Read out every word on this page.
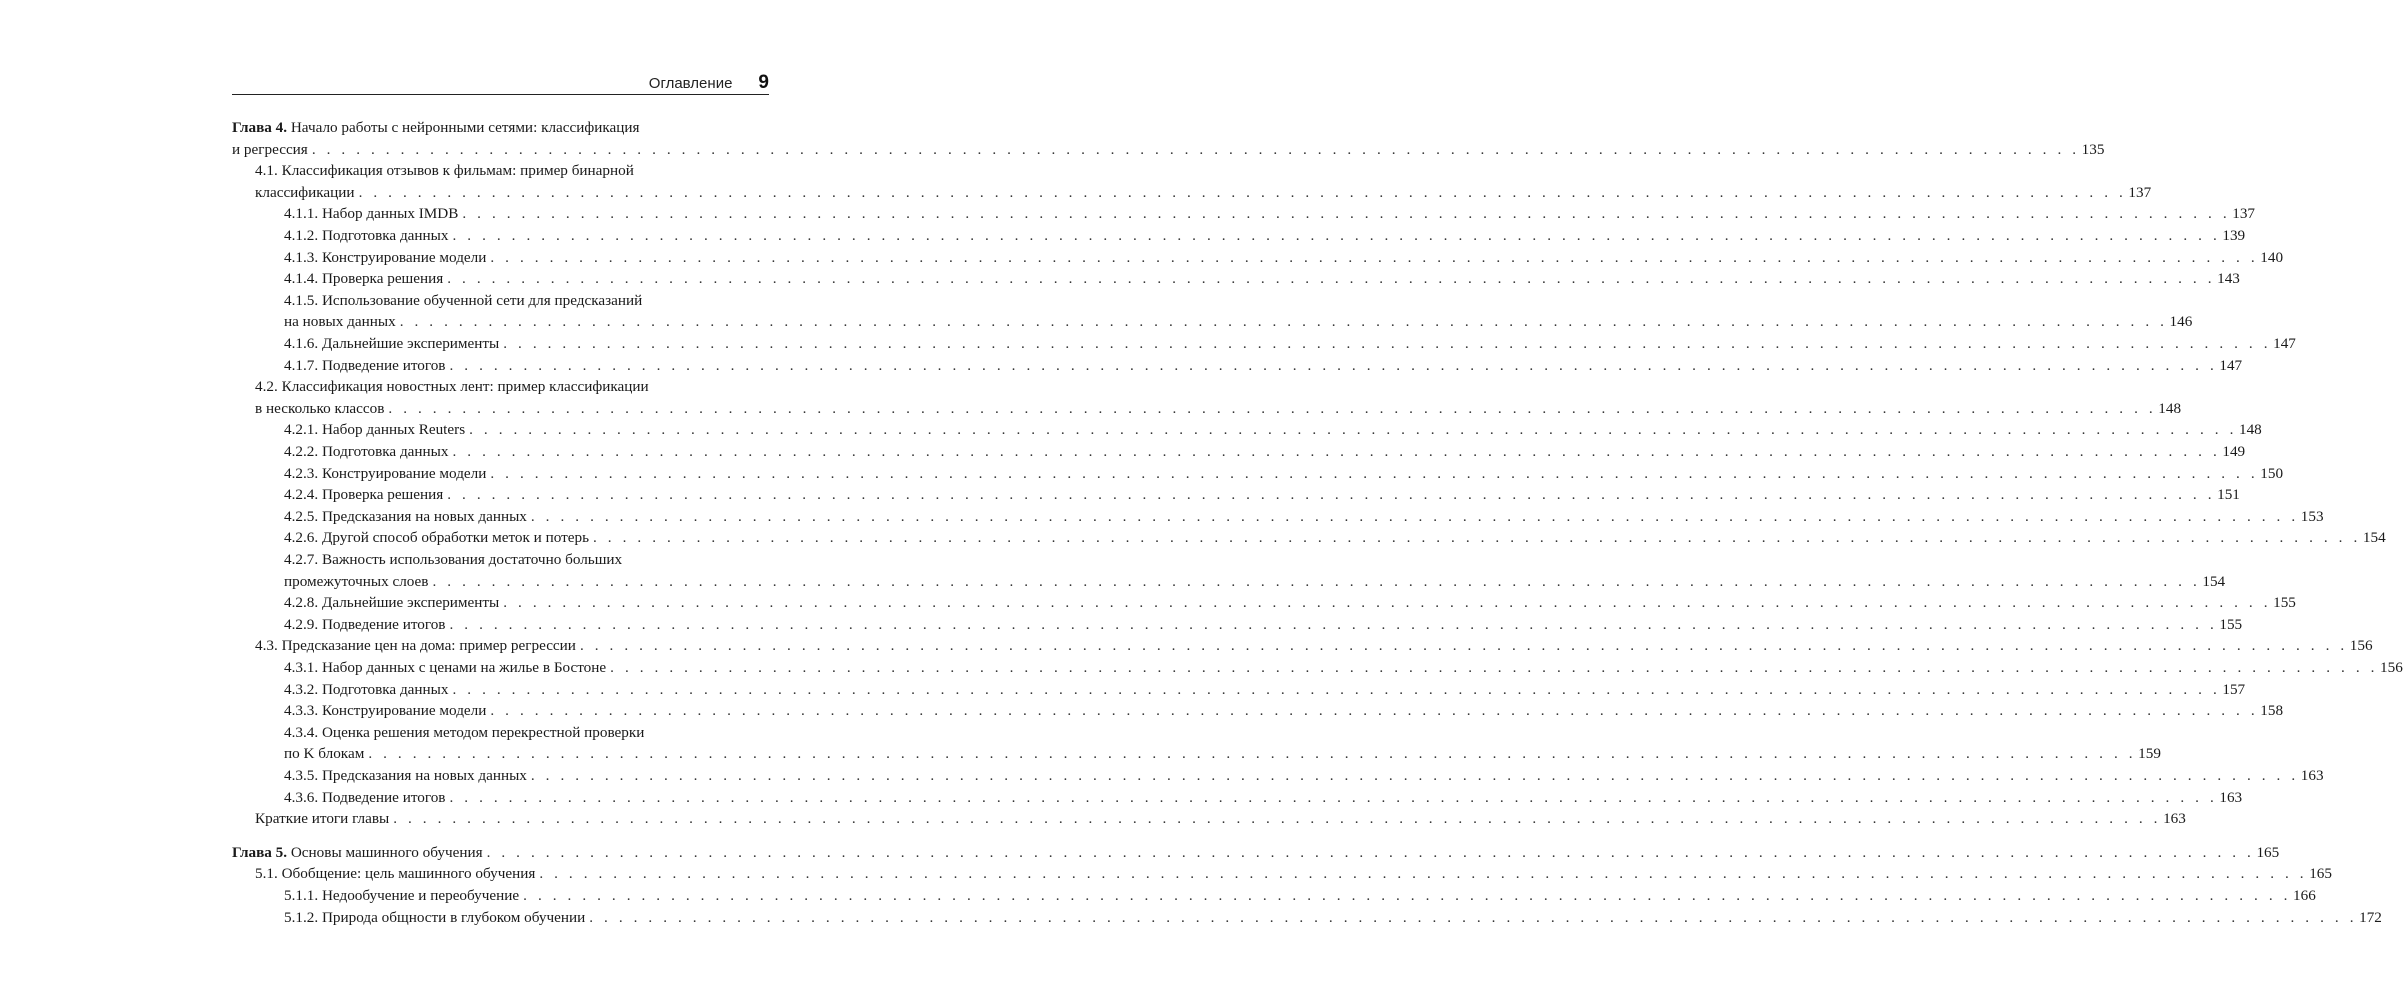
Оглавление 9
Глава 4. Начало работы с нейронными сетями: классификация
и регрессия . . . . . . . . . . . . . . . . . . . . . . . . . . . . . . . . . . . . . . . . . . . . . . . . . . . . . . . . . . . . . . . . . . . . . . . . . . . . . . . . . . . . . . . . . . . . . . . . . . . . . . . . . . . . . . . . . . . . . . . . 135
4.1. Классификация отзывов к фильмам: пример бинарной
классификации . . . . . . . . . . . . . . . . . . . . . . . . . . . . . . . . . . . . . . . . . . . . . . . . . . . . . . . . . . . . . . . . . . . . . . . . . . . . . . . . . . . . . . . . . . . . . . . . . . . . . . . . . . . . . . . . . . . . . . . . 137
4.1.1. Набор данных IMDB . . . . . . . . . . . . . . . . . . . . . . . . . . . . . . . . . . . . . . . . . . . . . . . . . . . . . . . . . . . . . . . . . . . . . . . . . . . . . . . . . . . . . . . . . . . . . . . . . . . . . . . . . . . . . . . . . . . . . . . . 137
4.1.2. Подготовка данных . . . . . . . . . . . . . . . . . . . . . . . . . . . . . . . . . . . . . . . . . . . . . . . . . . . . . . . . . . . . . . . . . . . . . . . . . . . . . . . . . . . . . . . . . . . . . . . . . . . . . . . . . . . . . . . . . . . . . . . . 139
4.1.3. Конструирование модели . . . . . . . . . . . . . . . . . . . . . . . . . . . . . . . . . . . . . . . . . . . . . . . . . . . . . . . . . . . . . . . . . . . . . . . . . . . . . . . . . . . . . . . . . . . . . . . . . . . . . . . . . . . . . . . . . . . . . . . . 140
4.1.4. Проверка решения . . . . . . . . . . . . . . . . . . . . . . . . . . . . . . . . . . . . . . . . . . . . . . . . . . . . . . . . . . . . . . . . . . . . . . . . . . . . . . . . . . . . . . . . . . . . . . . . . . . . . . . . . . . . . . . . . . . . . . . . 143
4.1.5. Использование обученной сети для предсказаний
на новых данных . . . . . . . . . . . . . . . . . . . . . . . . . . . . . . . . . . . . . . . . . . . . . . . . . . . . . . . . . . . . . . . . . . . . . . . . . . . . . . . . . . . . . . . . . . . . . . . . . . . . . . . . . . . . . . . . . . . . . . . . 146
4.1.6. Дальнейшие эксперименты . . . . . . . . . . . . . . . . . . . . . . . . . . . . . . . . . . . . . . . . . . . . . . . . . . . . . . . . . . . . . . . . . . . . . . . . . . . . . . . . . . . . . . . . . . . . . . . . . . . . . . . . . . . . . . . . . . . . . . . . 147
4.1.7. Подведение итогов . . . . . . . . . . . . . . . . . . . . . . . . . . . . . . . . . . . . . . . . . . . . . . . . . . . . . . . . . . . . . . . . . . . . . . . . . . . . . . . . . . . . . . . . . . . . . . . . . . . . . . . . . . . . . . . . . . . . . . . . 147
4.2. Классификация новостных лент: пример классификации
в несколько классов . . . . . . . . . . . . . . . . . . . . . . . . . . . . . . . . . . . . . . . . . . . . . . . . . . . . . . . . . . . . . . . . . . . . . . . . . . . . . . . . . . . . . . . . . . . . . . . . . . . . . . . . . . . . . . . . . . . . . . . . 148
4.2.1. Набор данных Reuters . . . . . . . . . . . . . . . . . . . . . . . . . . . . . . . . . . . . . . . . . . . . . . . . . . . . . . . . . . . . . . . . . . . . . . . . . . . . . . . . . . . . . . . . . . . . . . . . . . . . . . . . . . . . . . . . . . . . . . . . 148
4.2.2. Подготовка данных . . . . . . . . . . . . . . . . . . . . . . . . . . . . . . . . . . . . . . . . . . . . . . . . . . . . . . . . . . . . . . . . . . . . . . . . . . . . . . . . . . . . . . . . . . . . . . . . . . . . . . . . . . . . . . . . . . . . . . . . 149
4.2.3. Конструирование модели . . . . . . . . . . . . . . . . . . . . . . . . . . . . . . . . . . . . . . . . . . . . . . . . . . . . . . . . . . . . . . . . . . . . . . . . . . . . . . . . . . . . . . . . . . . . . . . . . . . . . . . . . . . . . . . . . . . . . . . . 150
4.2.4. Проверка решения . . . . . . . . . . . . . . . . . . . . . . . . . . . . . . . . . . . . . . . . . . . . . . . . . . . . . . . . . . . . . . . . . . . . . . . . . . . . . . . . . . . . . . . . . . . . . . . . . . . . . . . . . . . . . . . . . . . . . . . . 151
4.2.5. Предсказания на новых данных . . . . . . . . . . . . . . . . . . . . . . . . . . . . . . . . . . . . . . . . . . . . . . . . . . . . . . . . . . . . . . . . . . . . . . . . . . . . . . . . . . . . . . . . . . . . . . . . . . . . . . . . . . . . . . . . . . . . . . . . 153
4.2.6. Другой способ обработки меток и потерь . . . . . . . . . . . . . . . . . . . . . . . . . . . . . . . . . . . . . . . . . . . . . . . . . . . . . . . . . . . . . . . . . . . . . . . . . . . . . . . . . . . . . . . . . . . . . . . . . . . . . . . . . . . . . . . . . . . . . . . . 154
4.2.7. Важность использования достаточно больших
промежуточных слоев . . . . . . . . . . . . . . . . . . . . . . . . . . . . . . . . . . . . . . . . . . . . . . . . . . . . . . . . . . . . . . . . . . . . . . . . . . . . . . . . . . . . . . . . . . . . . . . . . . . . . . . . . . . . . . . . . . . . . . . . 154
4.2.8. Дальнейшие эксперименты . . . . . . . . . . . . . . . . . . . . . . . . . . . . . . . . . . . . . . . . . . . . . . . . . . . . . . . . . . . . . . . . . . . . . . . . . . . . . . . . . . . . . . . . . . . . . . . . . . . . . . . . . . . . . . . . . . . . . . . . 155
4.2.9. Подведение итогов . . . . . . . . . . . . . . . . . . . . . . . . . . . . . . . . . . . . . . . . . . . . . . . . . . . . . . . . . . . . . . . . . . . . . . . . . . . . . . . . . . . . . . . . . . . . . . . . . . . . . . . . . . . . . . . . . . . . . . . . 155
4.3. Предсказание цен на дома: пример регрессии . . . . . . . . . . . . . . . . . . . . . . . . . . . . . . . . . . . . . . . . . . . . . . . . . . . . . . . . . . . . . . . . . . . . . . . . . . . . . . . . . . . . . . . . . . . . . . . . . . . . . . . . . . . . . . . . . . . . . . . . 156
4.3.1. Набор данных с ценами на жилье в Бостоне . . . . . . . . . . . . . . . . . . . . . . . . . . . . . . . . . . . . . . . . . . . . . . . . . . . . . . . . . . . . . . . . . . . . . . . . . . . . . . . . . . . . . . . . . . . . . . . . . . . . . . . . . . . . . . . . . . . . . . . . 156
4.3.2. Подготовка данных . . . . . . . . . . . . . . . . . . . . . . . . . . . . . . . . . . . . . . . . . . . . . . . . . . . . . . . . . . . . . . . . . . . . . . . . . . . . . . . . . . . . . . . . . . . . . . . . . . . . . . . . . . . . . . . . . . . . . . . . 157
4.3.3. Конструирование модели . . . . . . . . . . . . . . . . . . . . . . . . . . . . . . . . . . . . . . . . . . . . . . . . . . . . . . . . . . . . . . . . . . . . . . . . . . . . . . . . . . . . . . . . . . . . . . . . . . . . . . . . . . . . . . . . . . . . . . . . 158
4.3.4. Оценка решения методом перекрестной проверки
по K блокам . . . . . . . . . . . . . . . . . . . . . . . . . . . . . . . . . . . . . . . . . . . . . . . . . . . . . . . . . . . . . . . . . . . . . . . . . . . . . . . . . . . . . . . . . . . . . . . . . . . . . . . . . . . . . . . . . . . . . . . . 159
4.3.5. Предсказания на новых данных . . . . . . . . . . . . . . . . . . . . . . . . . . . . . . . . . . . . . . . . . . . . . . . . . . . . . . . . . . . . . . . . . . . . . . . . . . . . . . . . . . . . . . . . . . . . . . . . . . . . . . . . . . . . . . . . . . . . . . . . 163
4.3.6. Подведение итогов . . . . . . . . . . . . . . . . . . . . . . . . . . . . . . . . . . . . . . . . . . . . . . . . . . . . . . . . . . . . . . . . . . . . . . . . . . . . . . . . . . . . . . . . . . . . . . . . . . . . . . . . . . . . . . . . . . . . . . . . 163
Краткие итоги главы . . . . . . . . . . . . . . . . . . . . . . . . . . . . . . . . . . . . . . . . . . . . . . . . . . . . . . . . . . . . . . . . . . . . . . . . . . . . . . . . . . . . . . . . . . . . . . . . . . . . . . . . . . . . . . . . . . . . . . . . 163
Глава 5. Основы машинного обучения . . . . . . . . . . . . . . . . . . . . . . . . . . . . . . . . . . . . . . . . . . . . . . . . . . . . . . . . . . . . . . . . . . . . . . . . . . . . . . . . . . . . . . . . . . . . . . . . . . . . . . . . . . . . . . . . . . . . . . . . 165
5.1. Обобщение: цель машинного обучения . . . . . . . . . . . . . . . . . . . . . . . . . . . . . . . . . . . . . . . . . . . . . . . . . . . . . . . . . . . . . . . . . . . . . . . . . . . . . . . . . . . . . . . . . . . . . . . . . . . . . . . . . . . . . . . . . . . . . . . . 165
5.1.1. Недообучение и переобучение . . . . . . . . . . . . . . . . . . . . . . . . . . . . . . . . . . . . . . . . . . . . . . . . . . . . . . . . . . . . . . . . . . . . . . . . . . . . . . . . . . . . . . . . . . . . . . . . . . . . . . . . . . . . . . . . . . . . . . . . 166
5.1.2. Природа общности в глубоком обучении . . . . . . . . . . . . . . . . . . . . . . . . . . . . . . . . . . . . . . . . . . . . . . . . . . . . . . . . . . . . . . . . . . . . . . . . . . . . . . . . . . . . . . . . . . . . . . . . . . . . . . . . . . . . . . . . . . . . . . . . 172
